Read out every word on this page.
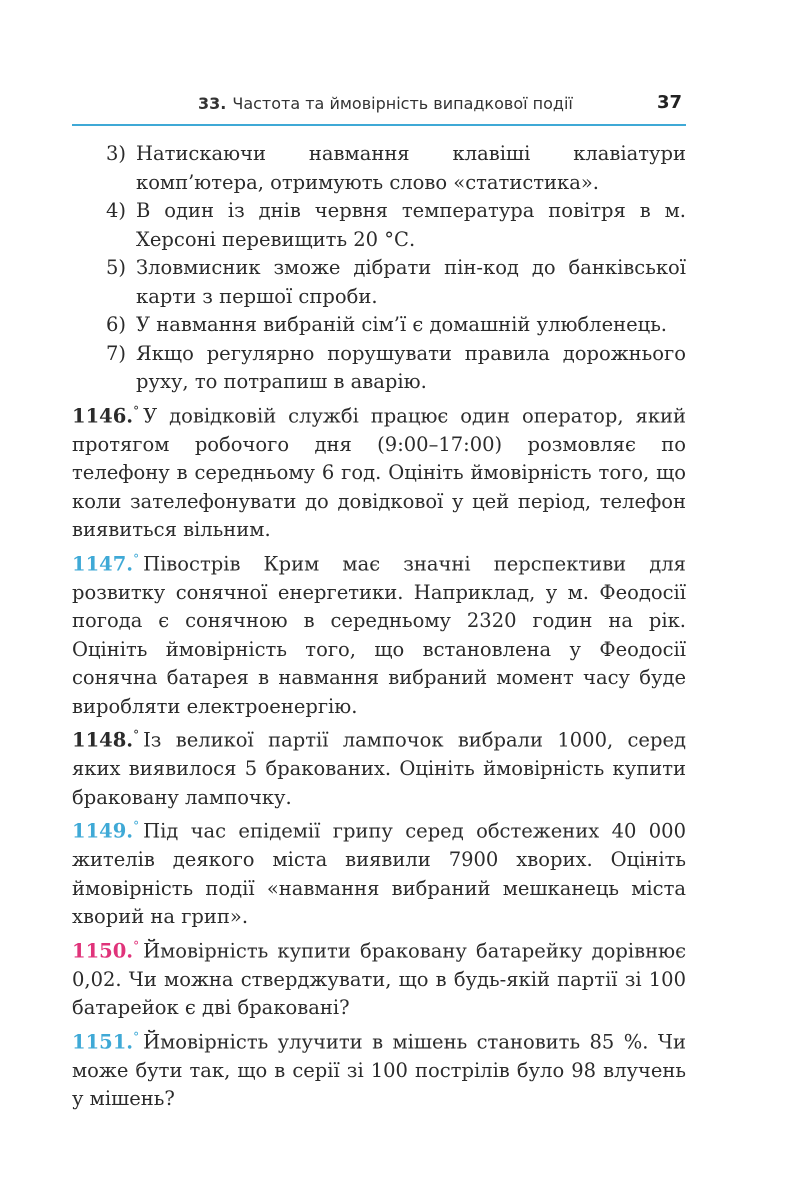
33. Частота та ймовірність випадкової події	37

3) Натискаючи навмання клавіші клавіатури комп’ютера, отримують слово «статистика».

4) В один із днів червня температура повітря в м. Херсоні перевищить 20 °С.

5) Зловмисник зможе дібрати пін-код до банківської карти з першої спроби.

6) У навмання вибраній сім’ї є домашній улюбленець.

7) Якщо регулярно порушувати правила дорожнього руху, то потрапиш в аварію.

1146.° У довідковій службі працює один оператор, який протягом робочого дня (9:00–17:00) розмовляє по телефону в середньому 6 год. Оцініть ймовірність того, що коли зателефонувати до довідкової у цей період, телефон виявиться вільним.

1147.° Півострів Крим має значні перспективи для розвитку сонячної енергетики. Наприклад, у м. Феодосії погода є сонячною в середньому 2320 годин на рік. Оцініть ймовірність того, що встановлена у Феодосії сонячна батарея в навмання вибраний момент часу буде виробляти електроенергію.

1148.° Із великої партії лампочок вибрали 1000, серед яких виявилося 5 бракованих. Оцініть ймовірність купити браковану лампочку.

1149.° Під час епідемії грипу серед обстежених 40 000 жителів деякого міста виявили 7900 хворих. Оцініть ймовірність події «навмання вибраний мешканець міста хворий на грип».

1150.° Ймовірність купити браковану батарейку дорівнює 0,02. Чи можна стверджувати, що в будь-якій партії зі 100 батарейок є дві браковані?

1151.° Ймовірність улучити в мішень становить 85 %. Чи може бути так, що в серії зі 100 пострілів було 98 влучень у мішень?
